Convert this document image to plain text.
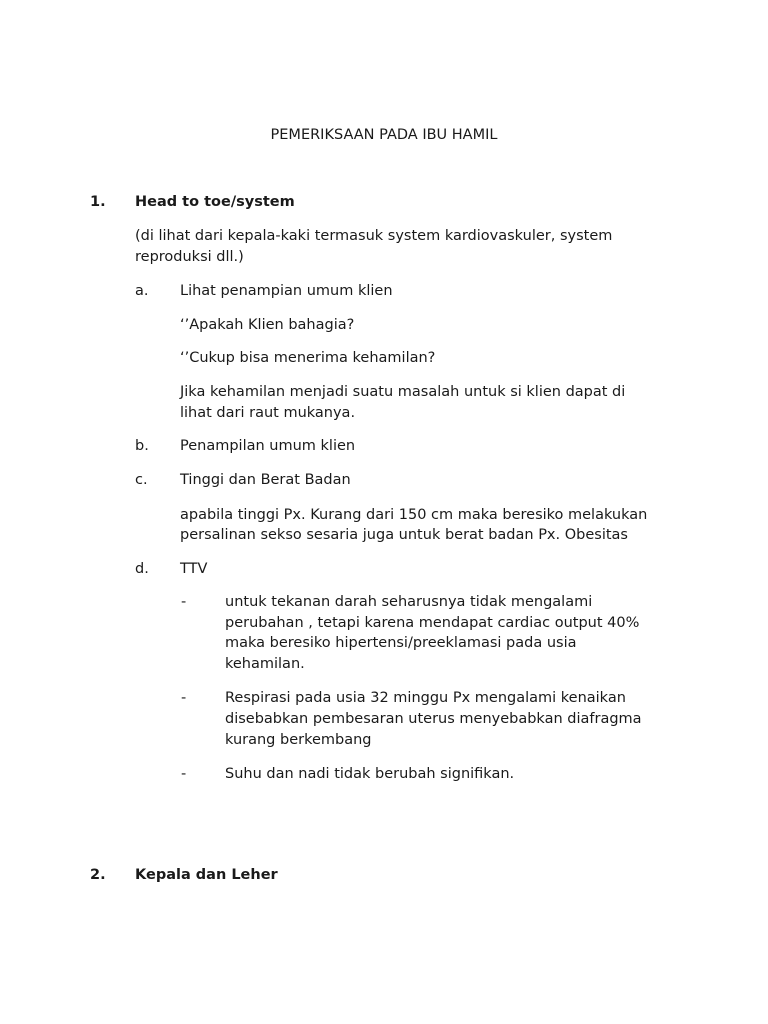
PEMERIKSAAN PADA IBU HAMIL

1. Head to toe/system

(di lihat dari kepala-kaki termasuk system kardiovaskuler, system

reproduksi dll.)

a. Lihat penampian umum klien

‘’Apakah Klien bahagia?

‘’Cukup bisa menerima kehamilan?

Jika kehamilan menjadi suatu masalah untuk si klien dapat di

lihat dari raut mukanya.

b. Penampilan umum klien

c. Tinggi dan Berat Badan

apabila tinggi Px. Kurang dari 150 cm maka beresiko melakukan

persalinan sekso sesaria juga untuk berat badan Px. Obesitas

d. TTV

-	untuk tekanan darah seharusnya tidak mengalami

perubahan , tetapi karena mendapat cardiac output 40%

maka beresiko hipertensi/preeklamasi pada usia

kehamilan.

-	Respirasi pada usia 32 minggu Px mengalami kenaikan

disebabkan pembesaran uterus menyebabkan diafragma

kurang berkembang

-	Suhu dan nadi tidak berubah signifikan.

2. Kepala dan Leher
